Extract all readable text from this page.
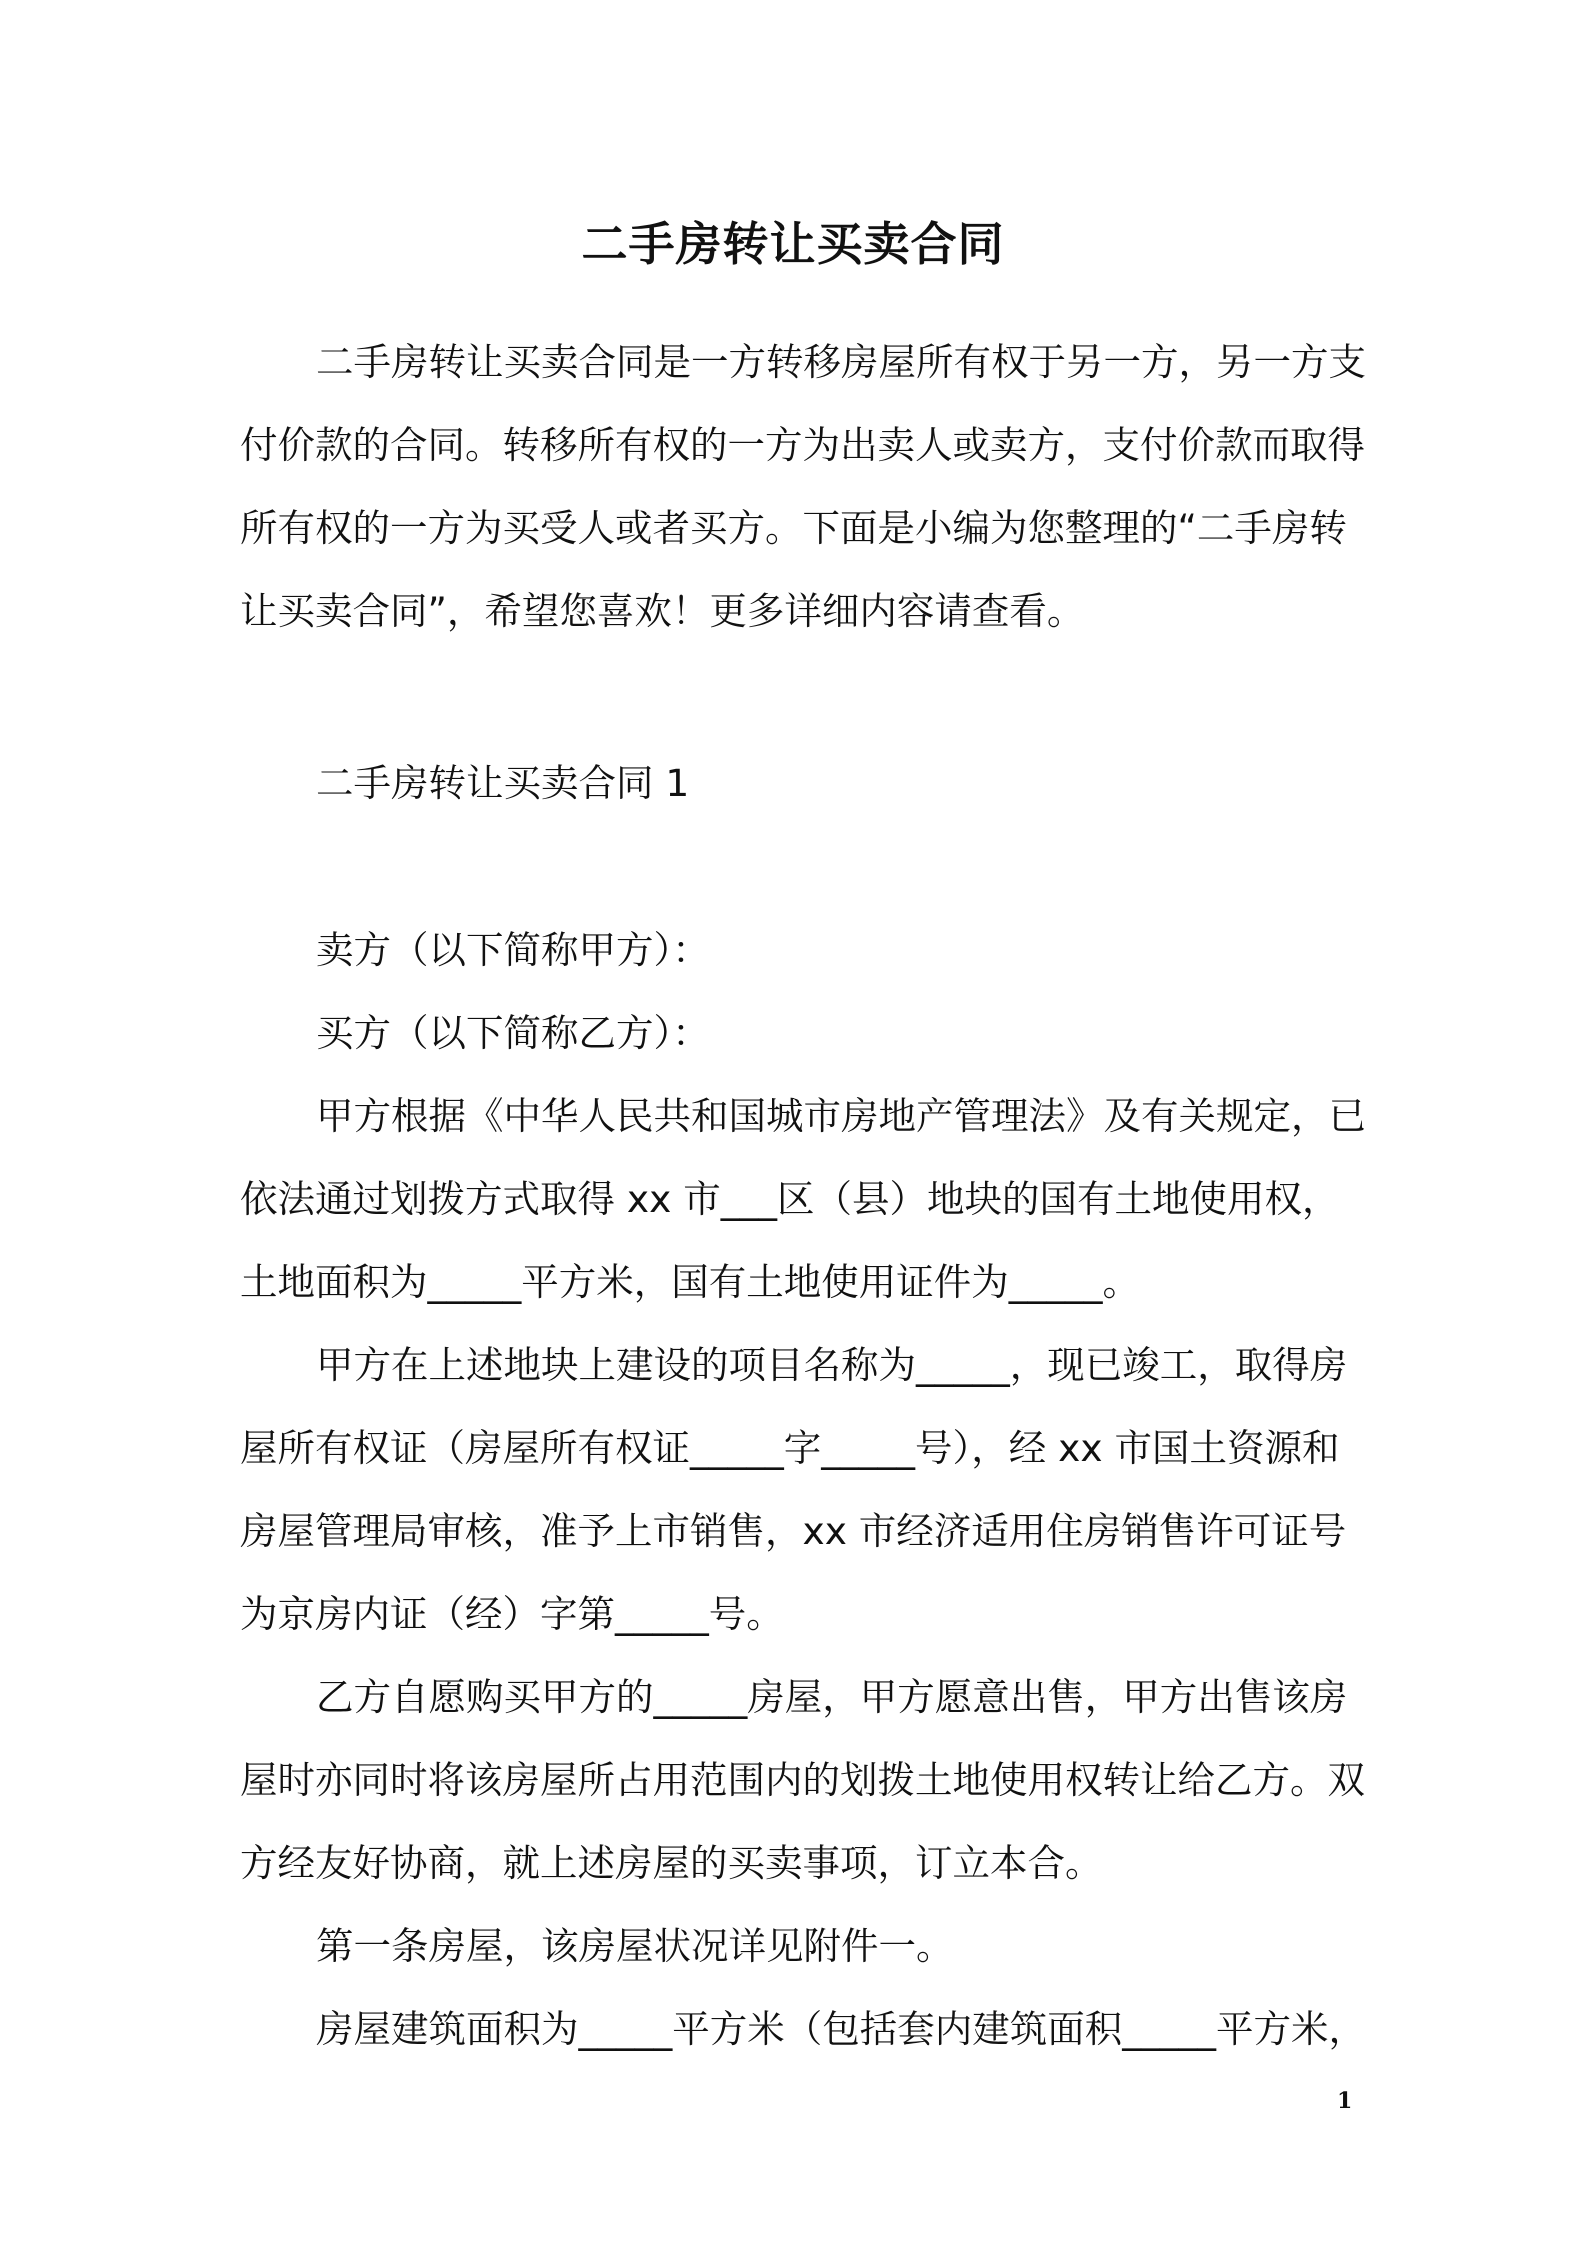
二手房转让买卖合同
二手房转让买卖合同是一方转移房屋所有权于另一方，另一方支
付价款的合同。转移所有权的一方为出卖人或卖方，支付价款而取得
所有权的一方为买受人或者买方。下面是小编为您整理的“二手房转
让买卖合同”，希望您喜欢！更多详细内容请查看。
二手房转让买卖合同 1
卖方（以下简称甲方）：
买方（以下简称乙方）：
甲方根据《中华人民共和国城市房地产管理法》及有关规定，已
依法通过划拨方式取得 xx 市___区（县）地块的国有土地使用权，
土地面积为_____平方米，国有土地使用证件为_____。
甲方在上述地块上建设的项目名称为_____，现已竣工，取得房
屋所有权证（房屋所有权证_____字_____号），经 xx 市国土资源和
房屋管理局审核，准予上市销售，xx 市经济适用住房销售许可证号
为京房内证（经）字第_____号。
乙方自愿购买甲方的_____房屋，甲方愿意出售，甲方出售该房
屋时亦同时将该房屋所占用范围内的划拨土地使用权转让给乙方。双
方经友好协商，就上述房屋的买卖事项，订立本合。
第一条房屋，该房屋状况详见附件一。
房屋建筑面积为_____平方米（包括套内建筑面积_____平方米，
1
